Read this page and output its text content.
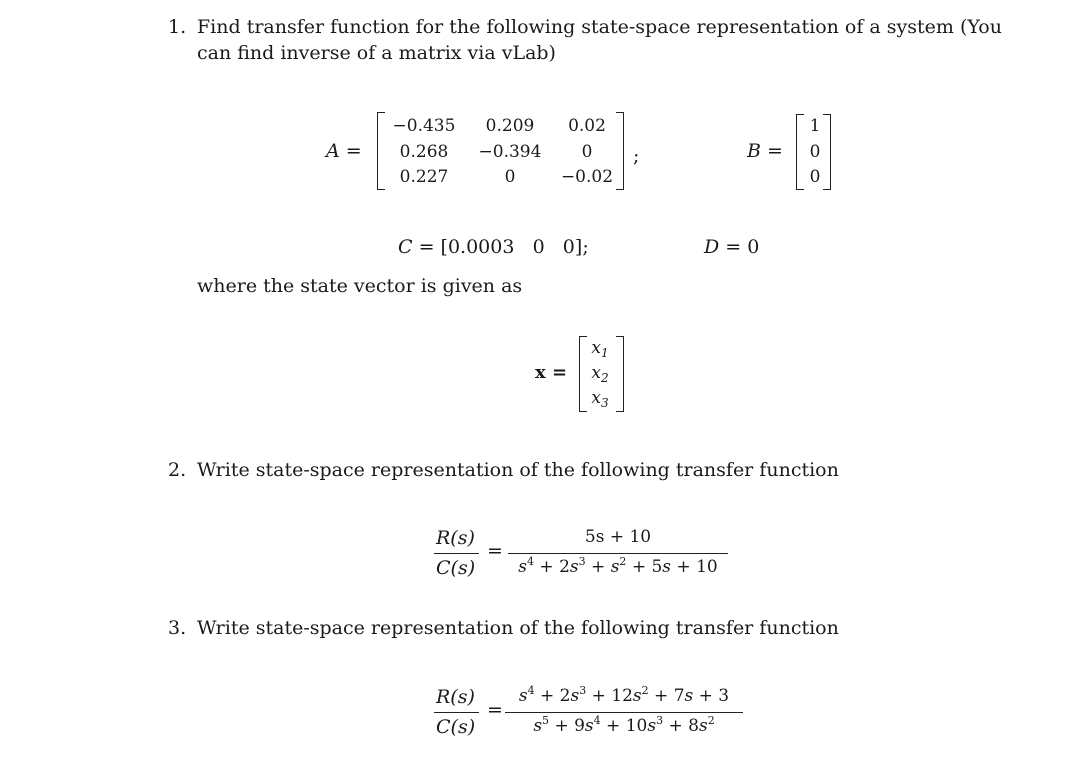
1. Find transfer function for the following state-space representation of a system (You
can find inverse of a matrix via vLab)
A =
−0.435	0.209	0.02
0.268	−0.394	0
0.227	0	−0.02
;	B =
1
0
0
C = [0.0003 0 0];	D = 0
where the state vector is given as
x =
$x_1$
$x_2$
$x_3$
2. Write state-space representation of the following transfer function
R(s)
C(s)
=
5s + 10
$s^4 + 2s^3 + s^2 + 5s + 10$
3. Write state-space representation of the following transfer function
R(s)
C(s)
=
$s^4 + 2s^3 + 12s^2 + 7s + 3$
$s^5 + 9s^4 + 10s^3 + 8s^2$
